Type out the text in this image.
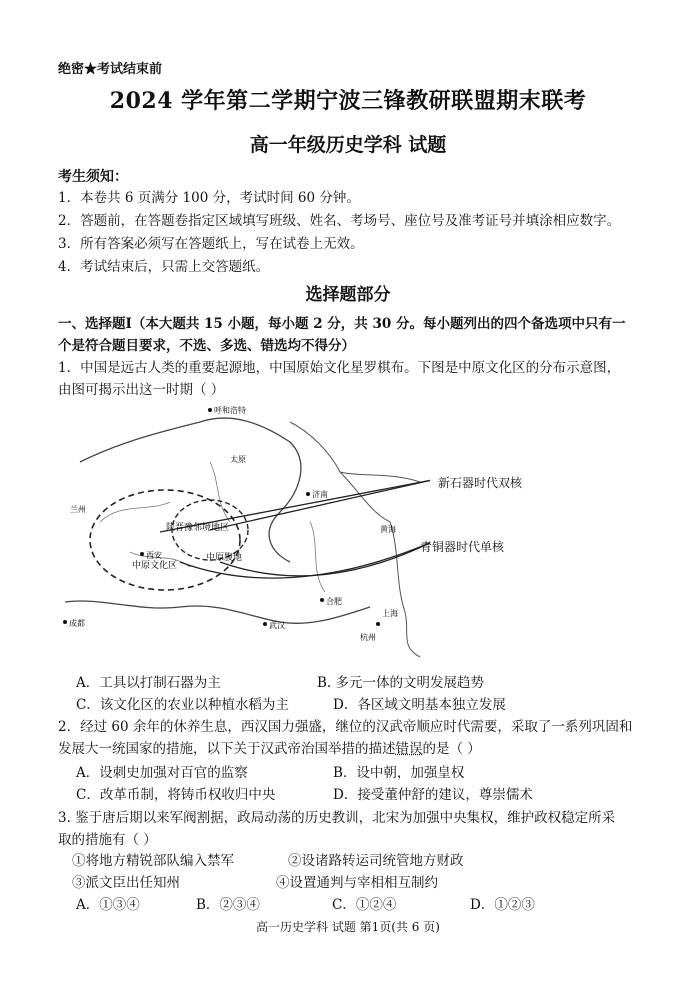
绝密★考试结束前
2024 学年第二学期宁波三锋教研联盟期末联考
高一年级历史学科 试题
考生须知：
1．本卷共 6 页满分 100 分，考试时间 60 分钟。
2．答题前，在答题卷指定区域填写班级、姓名、考场号、座位号及准考证号并填涂相应数字。
3．所有答案必须写在答题纸上，写在试卷上无效。
4．考试结束后，只需上交答题纸。
选择题部分
一、选择题Ⅰ（本大题共 15 小题，每小题 2 分，共 30 分。每小题列出的四个备选项中只有一
个是符合题目要求，不选、多选、错选均不得分）
1．中国是远古人类的重要起源地，中国原始文化星罗棋布。下图是中原文化区的分布示意图，
由图可揭示出这一时期（ ）
呼和浩特
济南
成都	武汉
合肥
杭州
上海
西安
黄海
太原
兰州
陕晋豫邻境地区
中原文化区
中原腹地
新石器时代双核
青铜器时代单核
A．工具以打制石器为主	B. 多元一体的文明发展趋势
C．该文化区的农业以种植水稻为主	D．各区域文明基本独立发展
2．经过 60 余年的休养生息，西汉国力强盛，继位的汉武帝顺应时代需要，采取了一系列巩固和
发展大一统国家的措施，以下关于汉武帝治国举措的描述错误的是（ ）
A．设刺史加强对百官的监察	B．设中朝，加强皇权
C．改革币制，将铸币权收归中央	D．接受董仲舒的建议，尊崇儒术
3. 鉴于唐后期以来军阀割据，政局动荡的历史教训，北宋为加强中央集权，维护政权稳定所采
取的措施有（ ）
①将地方精锐部队编入禁军	②设诸路转运司统管地方财政
③派文臣出任知州	④设置通判与宰相相互制约
A．①③④	B．②③④	C．①②④	D．①②③
高一历史学科 试题 第1页(共 6 页)
